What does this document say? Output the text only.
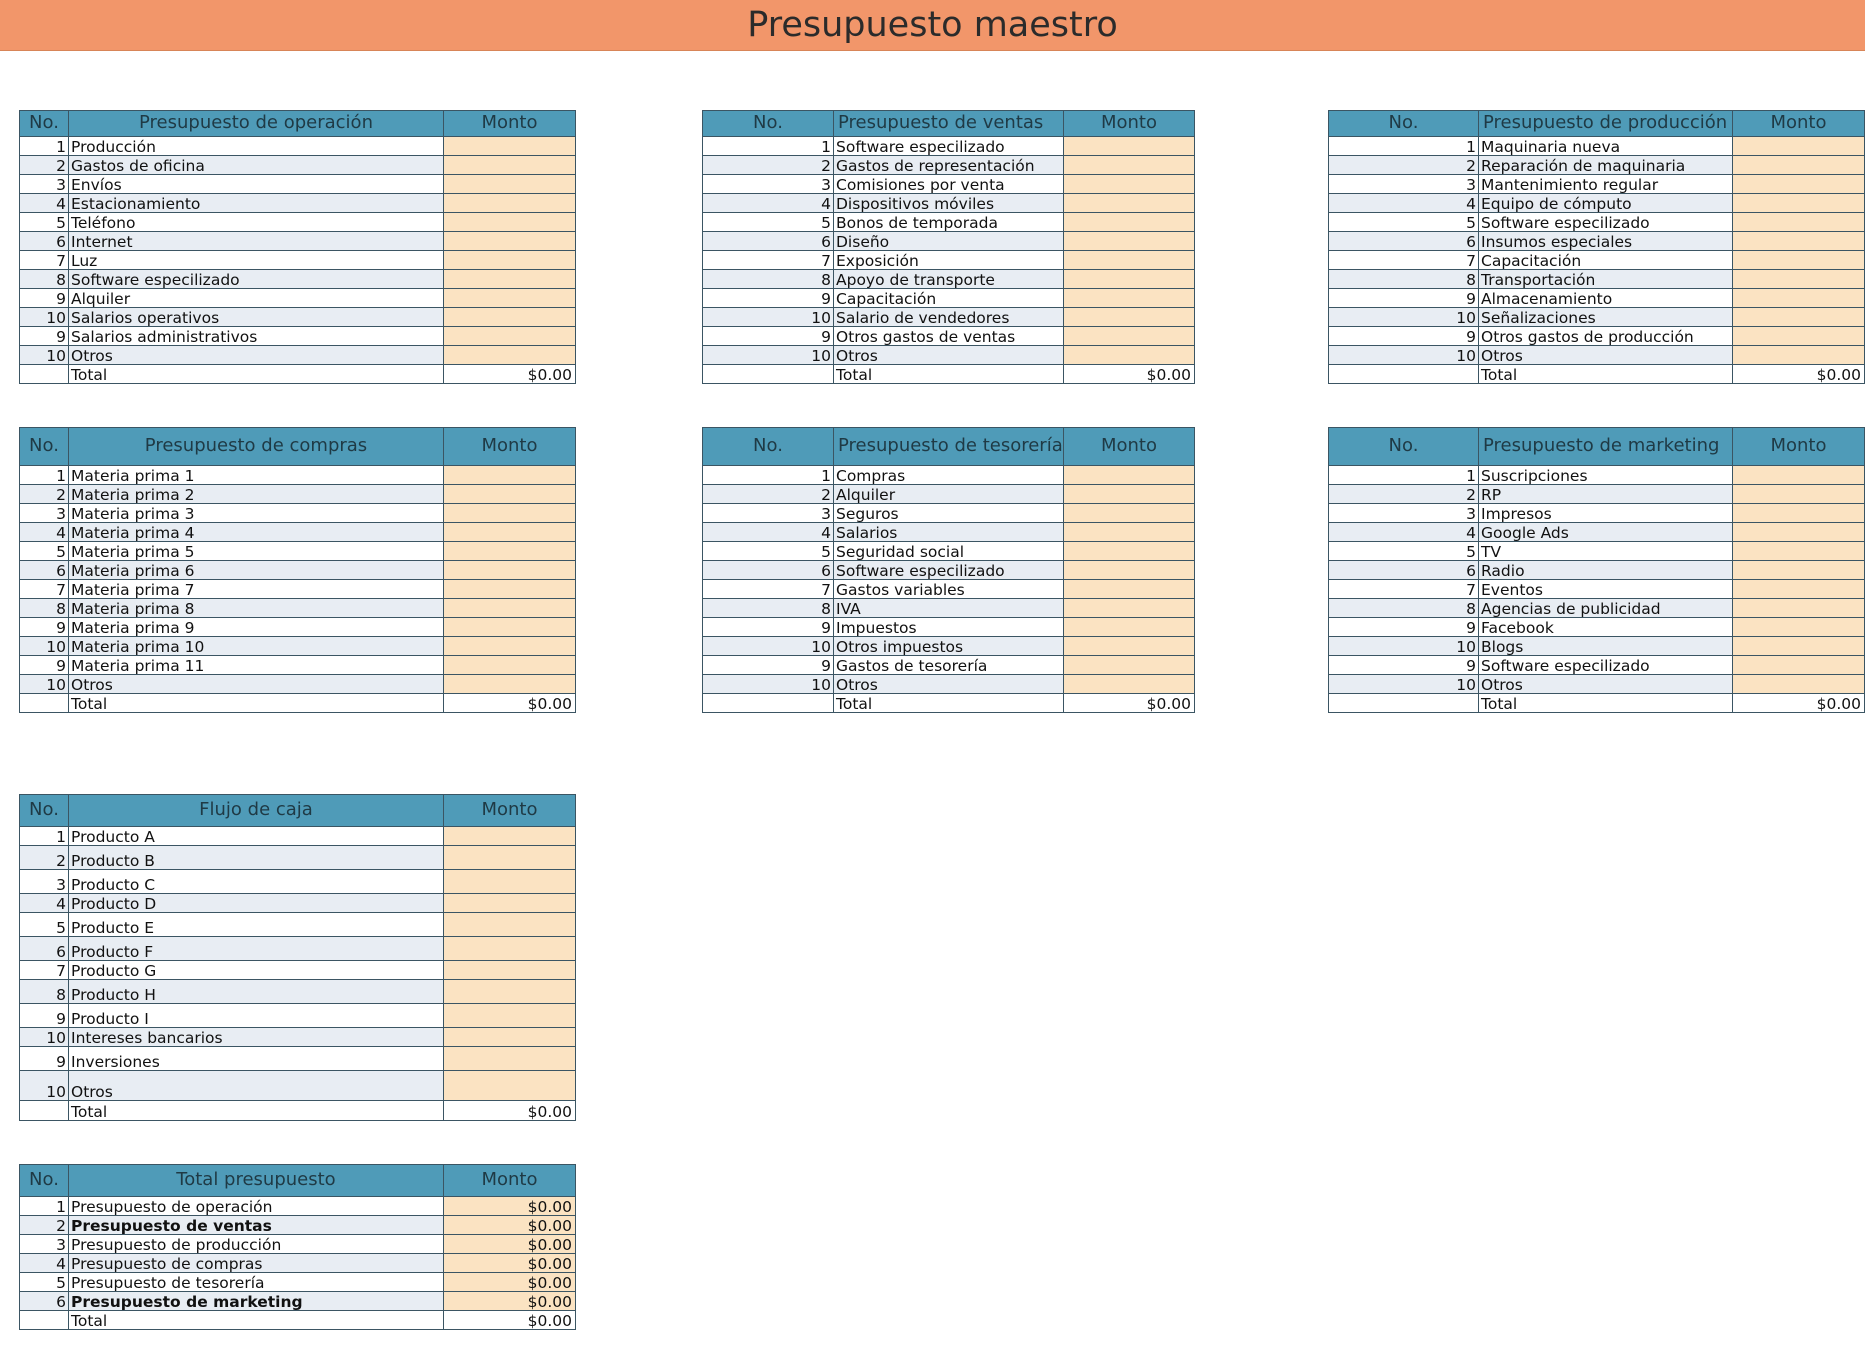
Presupuesto maestro
No.	Presupuesto de operación	Monto
1	Producción	
2	Gastos de oficina	
3	Envíos	
4	Estacionamiento	
5	Teléfono	
6	Internet	
7	Luz	
8	Software especilizado	
9	Alquiler	
10	Salarios operativos	
9	Salarios administrativos	
10	Otros	
	Total	$0.00
No.	Presupuesto de ventas	Monto
1	Software especilizado	
2	Gastos de representación	
3	Comisiones por venta	
4	Dispositivos móviles	
5	Bonos de temporada	
6	Diseño	
7	Exposición	
8	Apoyo de transporte	
9	Capacitación	
10	Salario de vendedores	
9	Otros gastos de ventas	
10	Otros	
	Total	$0.00
No.	Presupuesto de producción	Monto
1	Maquinaria nueva	
2	Reparación de maquinaria	
3	Mantenimiento regular	
4	Equipo de cómputo	
5	Software especilizado	
6	Insumos especiales	
7	Capacitación	
8	Transportación	
9	Almacenamiento	
10	Señalizaciones	
9	Otros gastos de producción	
10	Otros	
	Total	$0.00
No.	Presupuesto de compras	Monto
1	Materia prima 1	
2	Materia prima 2	
3	Materia prima 3	
4	Materia prima 4	
5	Materia prima 5	
6	Materia prima 6	
7	Materia prima 7	
8	Materia prima 8	
9	Materia prima 9	
10	Materia prima 10	
9	Materia prima 11	
10	Otros	
	Total	$0.00
No.	Presupuesto de tesorería	Monto
1	Compras	
2	Alquiler	
3	Seguros	
4	Salarios	
5	Seguridad social	
6	Software especilizado	
7	Gastos variables	
8	IVA	
9	Impuestos	
10	Otros impuestos	
9	Gastos de tesorería	
10	Otros	
	Total	$0.00
No.	Presupuesto de marketing	Monto
1	Suscripciones	
2	RP	
3	Impresos	
4	Google Ads	
5	TV	
6	Radio	
7	Eventos	
8	Agencias de publicidad	
9	Facebook	
10	Blogs	
9	Software especilizado	
10	Otros	
	Total	$0.00
No.	Flujo de caja	Monto
1	Producto A	
2	Producto B	
3	Producto C	
4	Producto D	
5	Producto E	
6	Producto F	
7	Producto G	
8	Producto H	
9	Producto I	
10	Intereses bancarios	
9	Inversiones	
10	Otros	
	Total	$0.00
No.	Total presupuesto	Monto
1	Presupuesto de operación	$0.00
2	Presupuesto de ventas	$0.00
3	Presupuesto de producción	$0.00
4	Presupuesto de compras	$0.00
5	Presupuesto de tesorería	$0.00
6	Presupuesto de marketing	$0.00
	Total	$0.00
